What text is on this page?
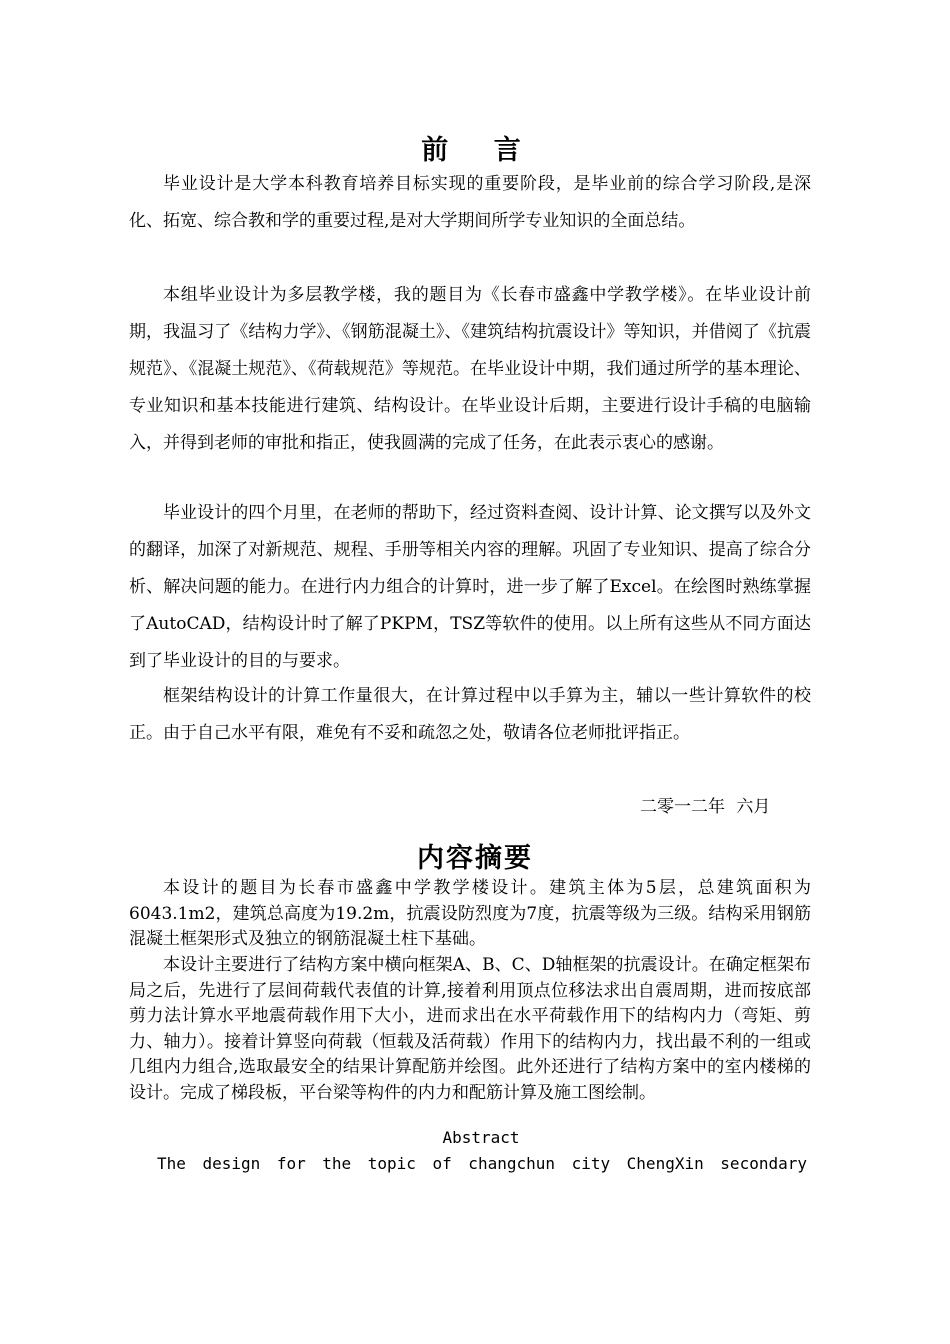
前 言

毕业设计是大学本科教育培养目标实现的重要阶段，是毕业前的综合学习阶段,是深化、拓宽、综合教和学的重要过程,是对大学期间所学专业知识的全面总结。

本组毕业设计为多层教学楼，我的题目为《长春市盛鑫中学教学楼》。在毕业设计前期，我温习了《结构力学》、《钢筋混凝土》、《建筑结构抗震设计》等知识，并借阅了《抗震规范》、《混凝土规范》、《荷载规范》等规范。在毕业设计中期，我们通过所学的基本理论、专业知识和基本技能进行建筑、结构设计。在毕业设计后期，主要进行设计手稿的电脑输入，并得到老师的审批和指正，使我圆满的完成了任务，在此表示衷心的感谢。

毕业设计的四个月里，在老师的帮助下，经过资料查阅、设计计算、论文撰写以及外文的翻译，加深了对新规范、规程、手册等相关内容的理解。巩固了专业知识、提高了综合分析、解决问题的能力。在进行内力组合的计算时，进一步了解了Excel。在绘图时熟练掌握了AutoCAD，结构设计时了解了PKPM，TSZ等软件的使用。以上所有这些从不同方面达到了毕业设计的目的与要求。

框架结构设计的计算工作量很大，在计算过程中以手算为主，辅以一些计算软件的校正。由于自己水平有限，难免有不妥和疏忽之处，敬请各位老师批评指正。

二零一二年 六月
内容摘要

本设计的题目为长春市盛鑫中学教学楼设计。建筑主体为5层，总建筑面积为6043.1m2，建筑总高度为19.2m，抗震设防烈度为7度，抗震等级为三级。结构采用钢筋混凝土框架形式及独立的钢筋混凝土柱下基础。

本设计主要进行了结构方案中横向框架A、B、C、D轴框架的抗震设计。在确定框架布局之后，先进行了层间荷载代表值的计算,接着利用顶点位移法求出自震周期，进而按底部剪力法计算水平地震荷载作用下大小，进而求出在水平荷载作用下的结构内力（弯矩、剪力、轴力）。接着计算竖向荷载（恒载及活荷载）作用下的结构内力，找出最不利的一组或几组内力组合,选取最安全的结果计算配筋并绘图。此外还进行了结构方案中的室内楼梯的设计。完成了梯段板，平台梁等构件的内力和配筋计算及施工图绘制。

Abstract
The design for the topic of changchun city ChengXin secondary
